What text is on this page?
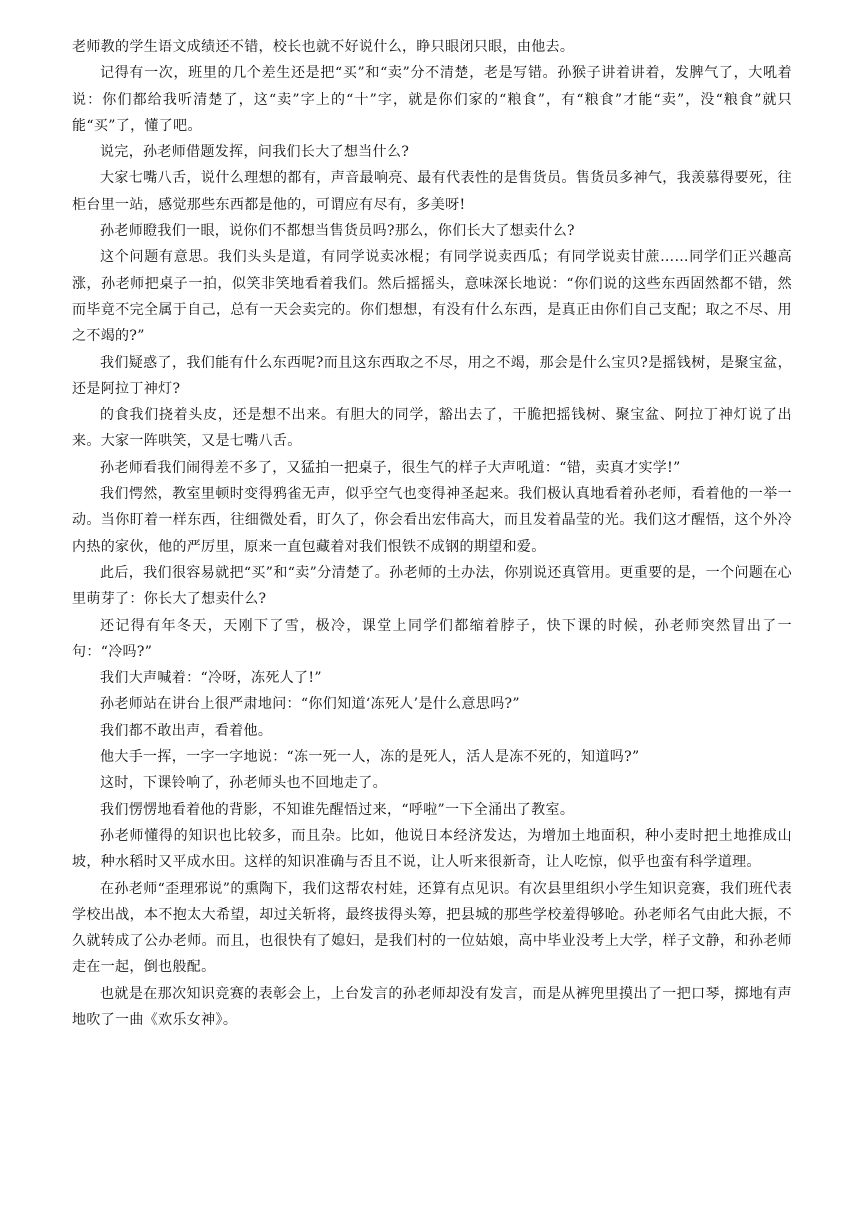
老师教的学生语文成绩还不错，校长也就不好说什么，睁只眼闭只眼，由他去。

记得有一次，班里的几个差生还是把“买”和“卖”分不清楚，老是写错。孙猴子讲着讲着，发脾气了，大吼着说：你们都给我听清楚了，这“卖”字上的“十”字，就是你们家的“粮食”，有“粮食”才能“卖”，没“粮食”就只能“买”了，懂了吧。

说完，孙老师借题发挥，问我们长大了想当什么?

大家七嘴八舌，说什么理想的都有，声音最响亮、最有代表性的是售货员。售货员多神气，我羡慕得要死，往柜台里一站，感觉那些东西都是他的，可谓应有尽有，多美呀!

孙老师瞪我们一眼，说你们不都想当售货员吗?那么，你们长大了想卖什么?

这个问题有意思。我们头头是道，有同学说卖冰棍；有同学说卖西瓜；有同学说卖甘蔗……同学们正兴趣高涨，孙老师把桌子一拍，似笑非笑地看着我们。然后摇摇头，意味深长地说：“你们说的这些东西固然都不错，然而毕竟不完全属于自己，总有一天会卖完的。你们想想，有没有什么东西，是真正由你们自己支配；取之不尽、用之不竭的?”

我们疑惑了，我们能有什么东西呢?而且这东西取之不尽，用之不竭，那会是什么宝贝?是摇钱树，是聚宝盆，还是阿拉丁神灯?

的食我们挠着头皮，还是想不出来。有胆大的同学，豁出去了，干脆把摇钱树、聚宝盆、阿拉丁神灯说了出来。大家一阵哄笑，又是七嘴八舌。

孙老师看我们闹得差不多了，又猛拍一把桌子，很生气的样子大声吼道：“错，卖真才实学!”

我们愕然，教室里顿时变得鸦雀无声，似乎空气也变得神圣起来。我们极认真地看着孙老师，看着他的一举一动。当你盯着一样东西，往细微处看，盯久了，你会看出宏伟高大，而且发着晶莹的光。我们这才醒悟，这个外冷内热的家伙，他的严厉里，原来一直包藏着对我们恨铁不成钢的期望和爱。

此后，我们很容易就把“买”和“卖”分清楚了。孙老师的土办法，你别说还真管用。更重要的是，一个问题在心里萌芽了：你长大了想卖什么?

还记得有年冬天，天刚下了雪，极冷，课堂上同学们都缩着脖子，快下课的时候，孙老师突然冒出了一句：“冷吗?”

我们大声喊着：“冷呀，冻死人了!”

孙老师站在讲台上很严肃地问：“你们知道‘冻死人’是什么意思吗?”

我们都不敢出声，看着他。

他大手一挥，一字一字地说：“冻一死一人，冻的是死人，活人是冻不死的，知道吗?”

这时，下课铃响了，孙老师头也不回地走了。

我们愣愣地看着他的背影，不知谁先醒悟过来，“呼啦”一下全涌出了教室。

孙老师懂得的知识也比较多，而且杂。比如，他说日本经济发达，为增加土地面积，种小麦时把土地推成山坡，种水稻时又平成水田。这样的知识准确与否且不说，让人听来很新奇，让人吃惊，似乎也蛮有科学道理。

在孙老师“歪理邪说”的熏陶下，我们这帮农村娃，还算有点见识。有次县里组织小学生知识竞赛，我们班代表学校出战，本不抱太大希望，却过关斩将，最终拔得头筹，把县城的那些学校羞得够呛。孙老师名气由此大振，不久就转成了公办老师。而且，也很快有了媳妇，是我们村的一位姑娘，高中毕业没考上大学，样子文静，和孙老师走在一起，倒也般配。

也就是在那次知识竞赛的表彰会上，上台发言的孙老师却没有发言，而是从裤兜里摸出了一把口琴，掷地有声地吹了一曲《欢乐女神》。
